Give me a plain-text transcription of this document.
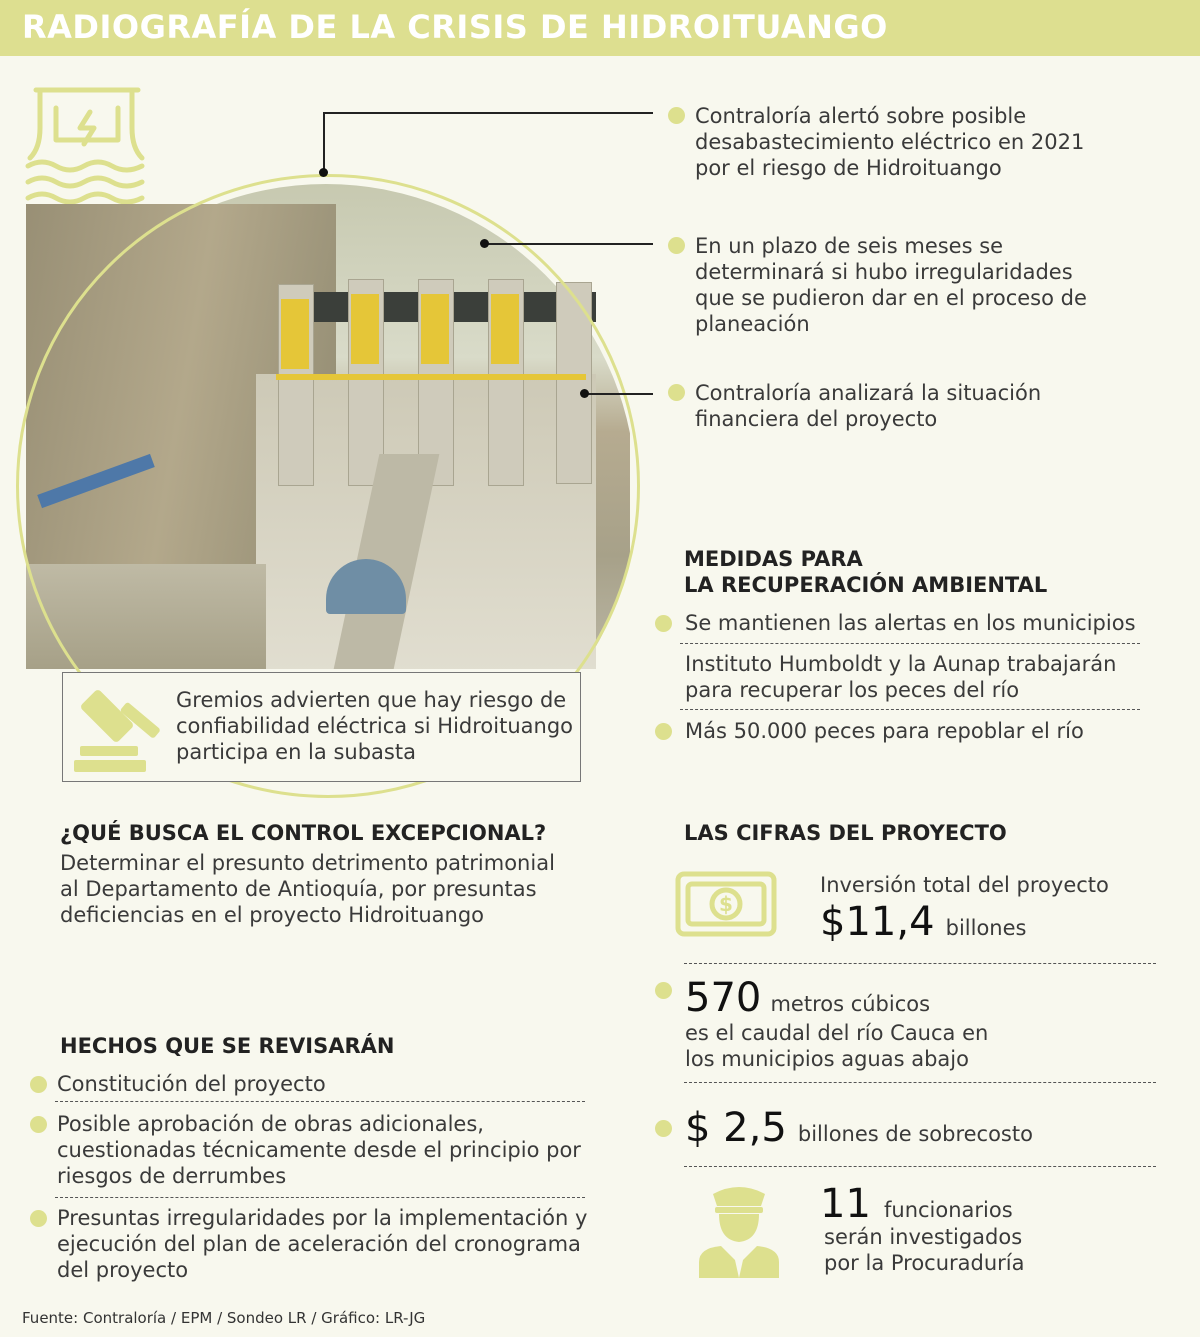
RADIOGRAFÍA DE LA CRISIS DE HIDROITUANGO
Contraloría alertó sobre posible
desabastecimiento eléctrico en 2021
por el riesgo de Hidroituango
En un plazo de seis meses se
determinará si hubo irregularidades
que se pudieron dar en el proceso de
planeación
Contraloría analizará la situación
financiera del proyecto
Gremios advierten que hay riesgo de
confiabilidad eléctrica si Hidroituango
participa en la subasta
MEDIDAS PARA
LA RECUPERACIÓN AMBIENTAL
Se mantienen las alertas en los municipios
Instituto Humboldt y la Aunap trabajarán
para recuperar los peces del río
Más 50.000 peces para repoblar el río
¿QUÉ BUSCA EL CONTROL EXCEPCIONAL?
Determinar el presunto detrimento patrimonial
al Departamento de Antioquía, por presuntas
deficiencias en el proyecto Hidroituango
HECHOS QUE SE REVISARÁN
Constitución del proyecto
Posible aprobación de obras adicionales,
cuestionadas técnicamente desde el principio por
riesgos de derrumbes
Presuntas irregularidades por la implementación y
ejecución del plan de aceleración del cronograma
del proyecto
LAS CIFRAS DEL PROYECTO
$
Inversión total del proyecto
$11,4 billones
570 metros cúbicos
es el caudal del río Cauca en
los municipios aguas abajo
$ 2,5 billones de sobrecosto
11 funcionarios
serán investigados
por la Procuraduría
Fuente: Contraloría / EPM / Sondeo LR / Gráfico: LR-JG
